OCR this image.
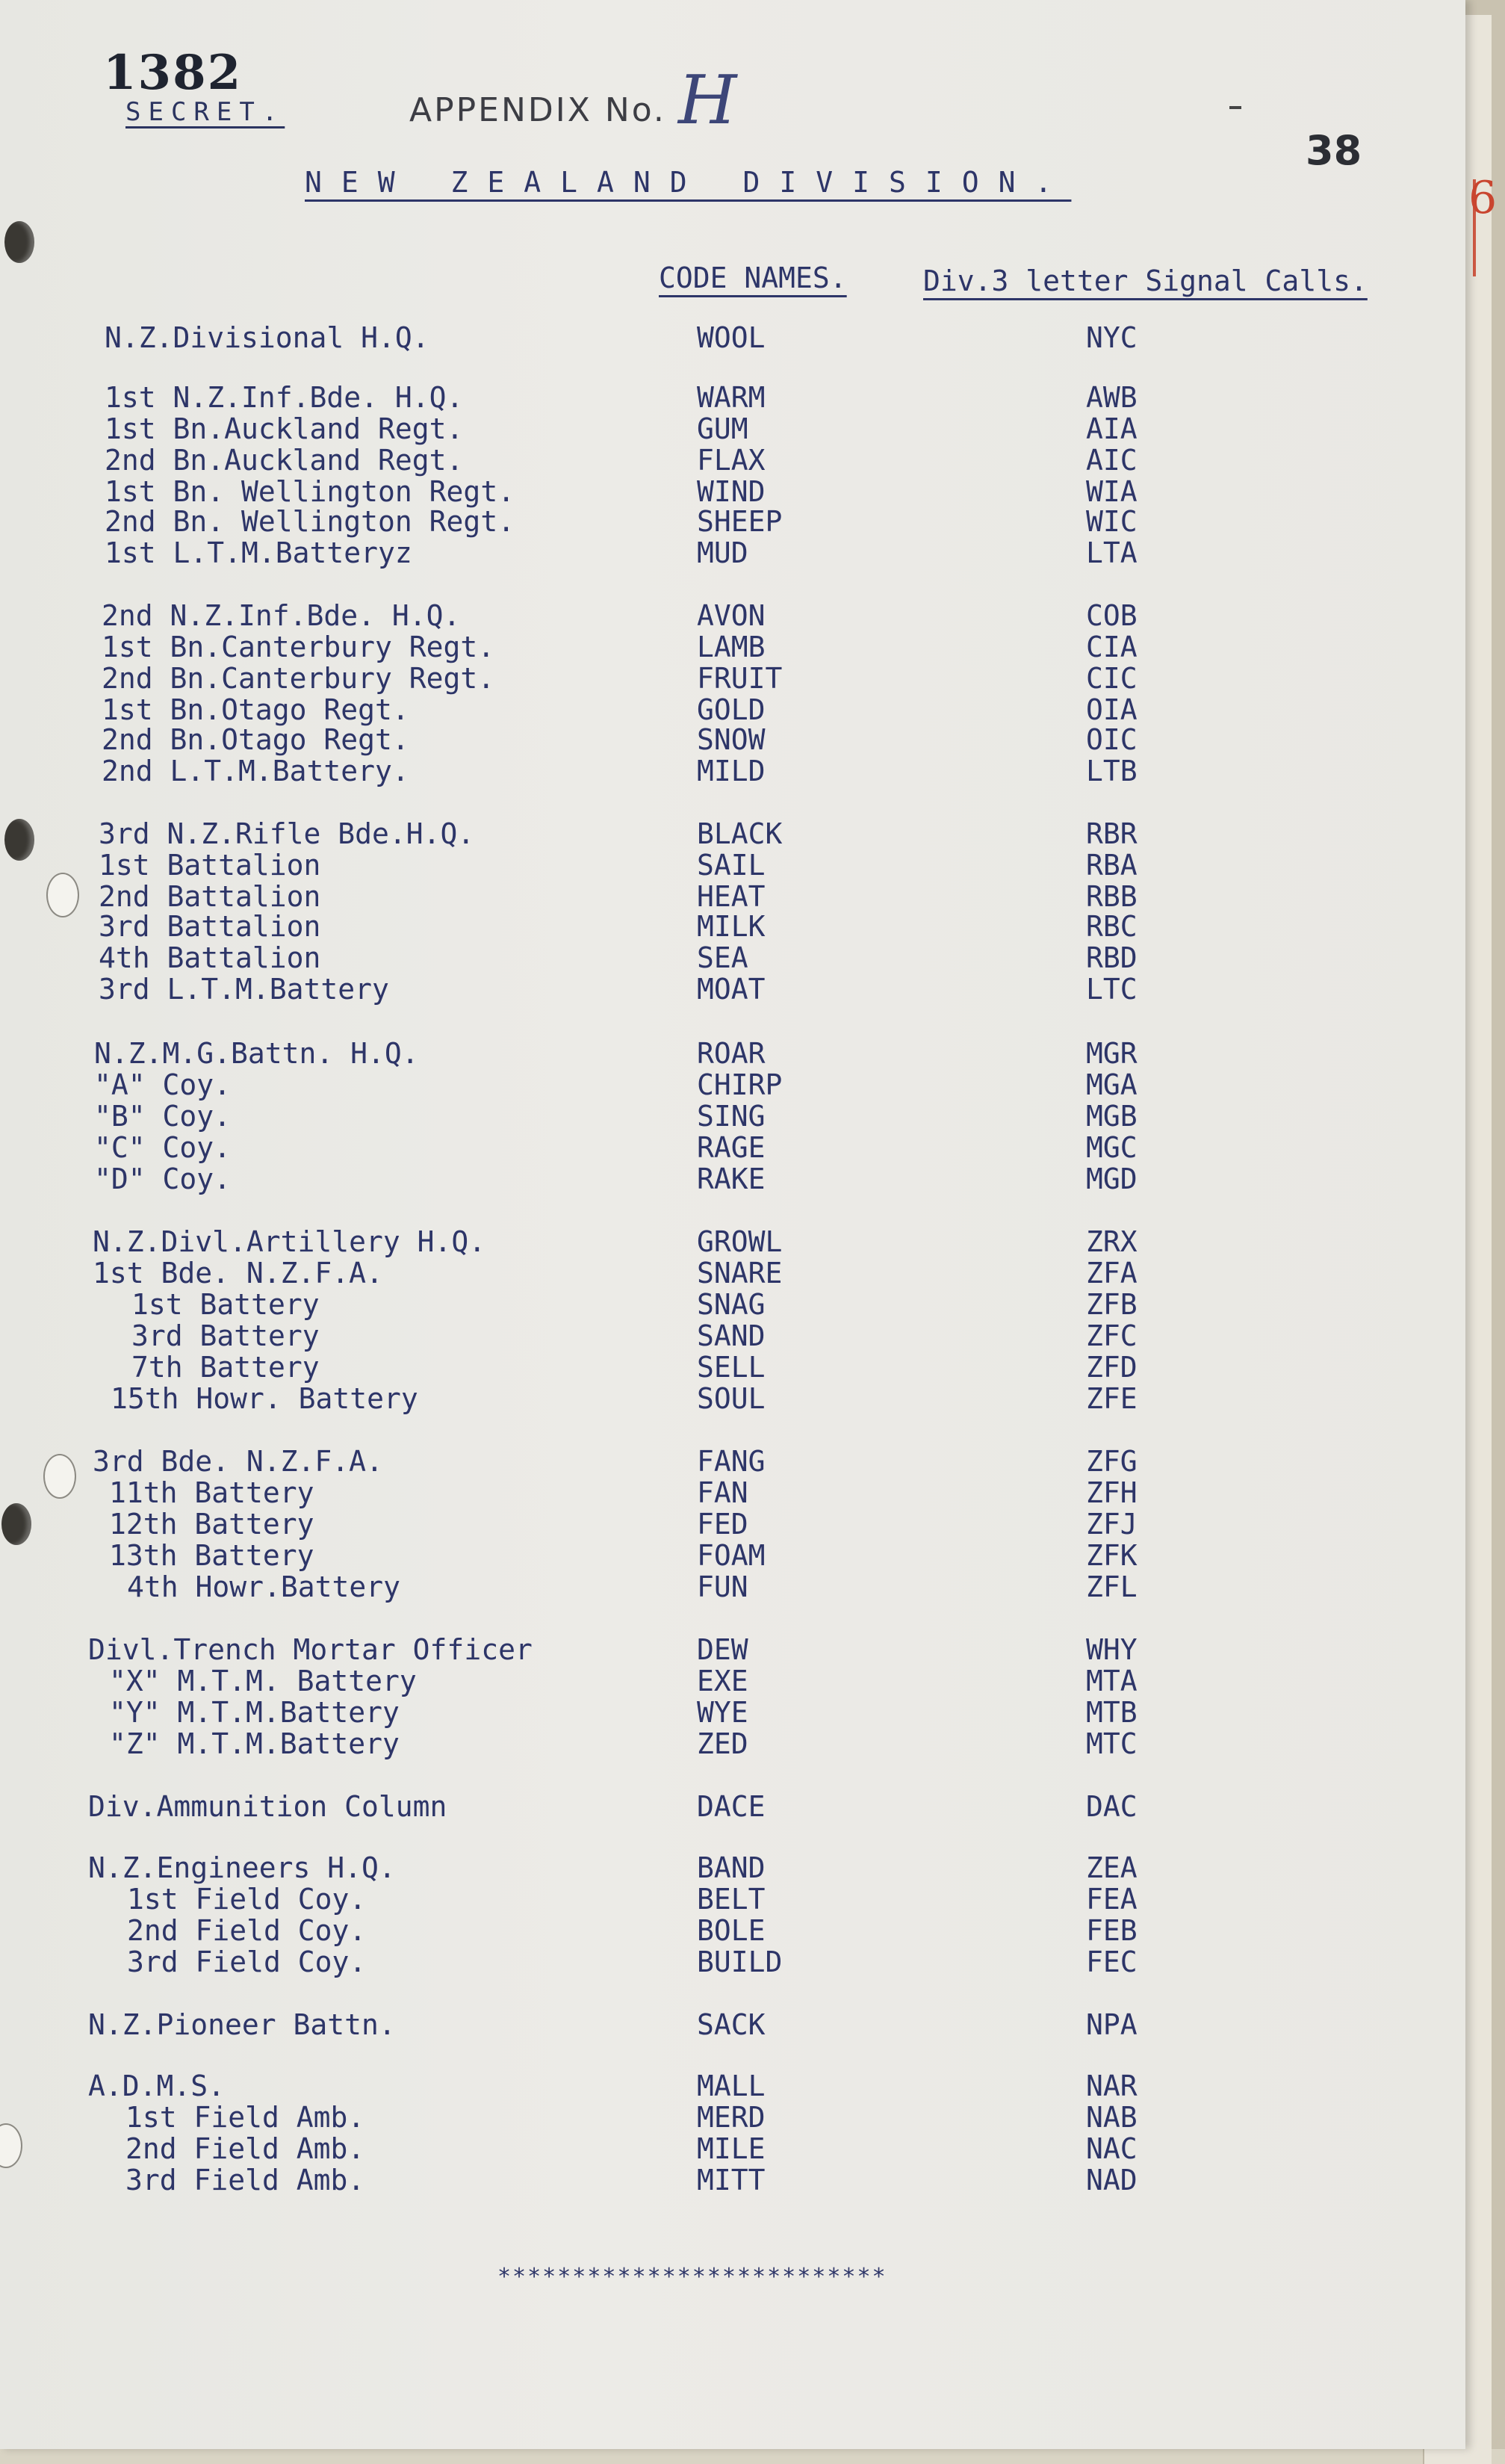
1382
SECRET.	APPENDIX No. H
38
NEW ZEALAND DIVISION.
CODE NAMES.	Div.3 letter Signal Calls.
N.Z.Divisional H.Q.	WOOL	NYC
1st N.Z.Inf.Bde. H.Q.	WARM	AWB
1st Bn.Auckland Regt.	GUM	AIA
2nd Bn.Auckland Regt.	FLAX	AIC
1st Bn. Wellington Regt.	WIND	WIA
2nd Bn. Wellington Regt.	SHEEP	WIC
1st L.T.M.Batteryz	MUD	LTA
2nd N.Z.Inf.Bde. H.Q.	AVON	COB
1st Bn.Canterbury Regt.	LAMB	CIA
2nd Bn.Canterbury Regt.	FRUIT	CIC
1st Bn.Otago Regt.	GOLD	OIA
2nd Bn.Otago Regt.	SNOW	OIC
2nd L.T.M.Battery.	MILD	LTB
3rd N.Z.Rifle Bde.H.Q.	BLACK	RBR
1st Battalion	SAIL	RBA
2nd Battalion	HEAT	RBB
3rd Battalion	MILK	RBC
4th Battalion	SEA	RBD
3rd L.T.M.Battery	MOAT	LTC
N.Z.M.G.Battn. H.Q.	ROAR	MGR
"A" Coy.	CHIRP	MGA
"B" Coy.	SING	MGB
"C" Coy.	RAGE	MGC
"D" Coy.	RAKE	MGD
N.Z.Divl.Artillery H.Q.	GROWL	ZRX
1st Bde. N.Z.F.A.	SNARE	ZFA
1st Battery	SNAG	ZFB
3rd Battery	SAND	ZFC
7th Battery	SELL	ZFD
15th Howr. Battery	SOUL	ZFE
3rd Bde. N.Z.F.A.	FANG	ZFG
11th Battery	FAN	ZFH
12th Battery	FED	ZFJ
13th Battery	FOAM	ZFK
4th Howr.Battery	FUN	ZFL
Divl.Trench Mortar Officer	DEW	WHY
"X" M.T.M. Battery	EXE	MTA
"Y" M.T.M.Battery	WYE	MTB
"Z" M.T.M.Battery	ZED	MTC
Div.Ammunition Column	DACE	DAC
N.Z.Engineers H.Q.	BAND	ZEA
1st Field Coy.	BELT	FEA
2nd Field Coy.	BOLE	FEB
3rd Field Coy.	BUILD	FEC
N.Z.Pioneer Battn.	SACK	NPA
A.D.M.S.	MALL	NAR
1st Field Amb.	MERD	NAB
2nd Field Amb.	MILE	NAC
3rd Field Amb.	MITT	NAD
**************************
6
